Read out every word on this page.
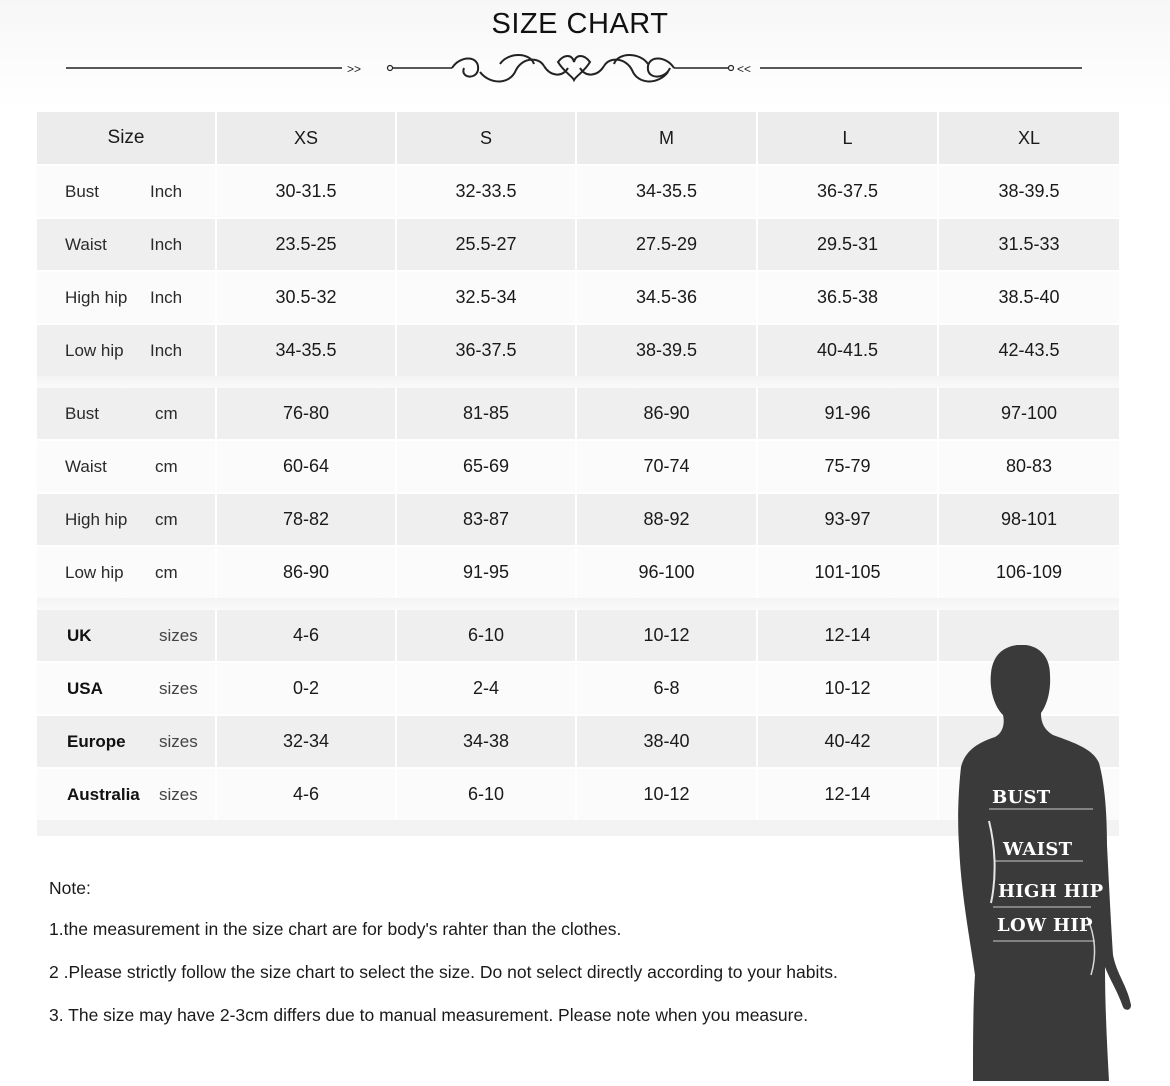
SIZE CHART
>>	<<
Size	XS	S	M	L	XL
Bust	Inch	30-31.5	32-33.5	34-35.5	36-37.5	38-39.5
Waist	Inch	23.5-25	25.5-27	27.5-29	29.5-31	31.5-33
High hip	Inch	30.5-32	32.5-34	34.5-36	36.5-38	38.5-40
Low hip	Inch	34-35.5	36-37.5	38-39.5	40-41.5	42-43.5
Bust	cm	76-80	81-85	86-90	91-96	97-100
Waist	cm	60-64	65-69	70-74	75-79	80-83
High hip	cm	78-82	83-87	88-92	93-97	98-101
Low hip	cm	86-90	91-95	96-100	101-105	106-109
UK	sizes	4-6	6-10	10-12	12-14
USA	sizes	0-2	2-4	6-8	10-12
Europe	sizes	32-34	34-38	38-40	40-42
Australia	sizes	4-6	6-10	10-12	12-14
Note:
1.the measurement in the size chart are for body's rahter than the clothes.
2 .Please strictly follow the size chart to select the size. Do not select directly according to your habits.
3. The size may have 2-3cm differs due to manual measurement. Please note when you measure.
BUST
WAIST
HIGH HIP
LOW HIP
